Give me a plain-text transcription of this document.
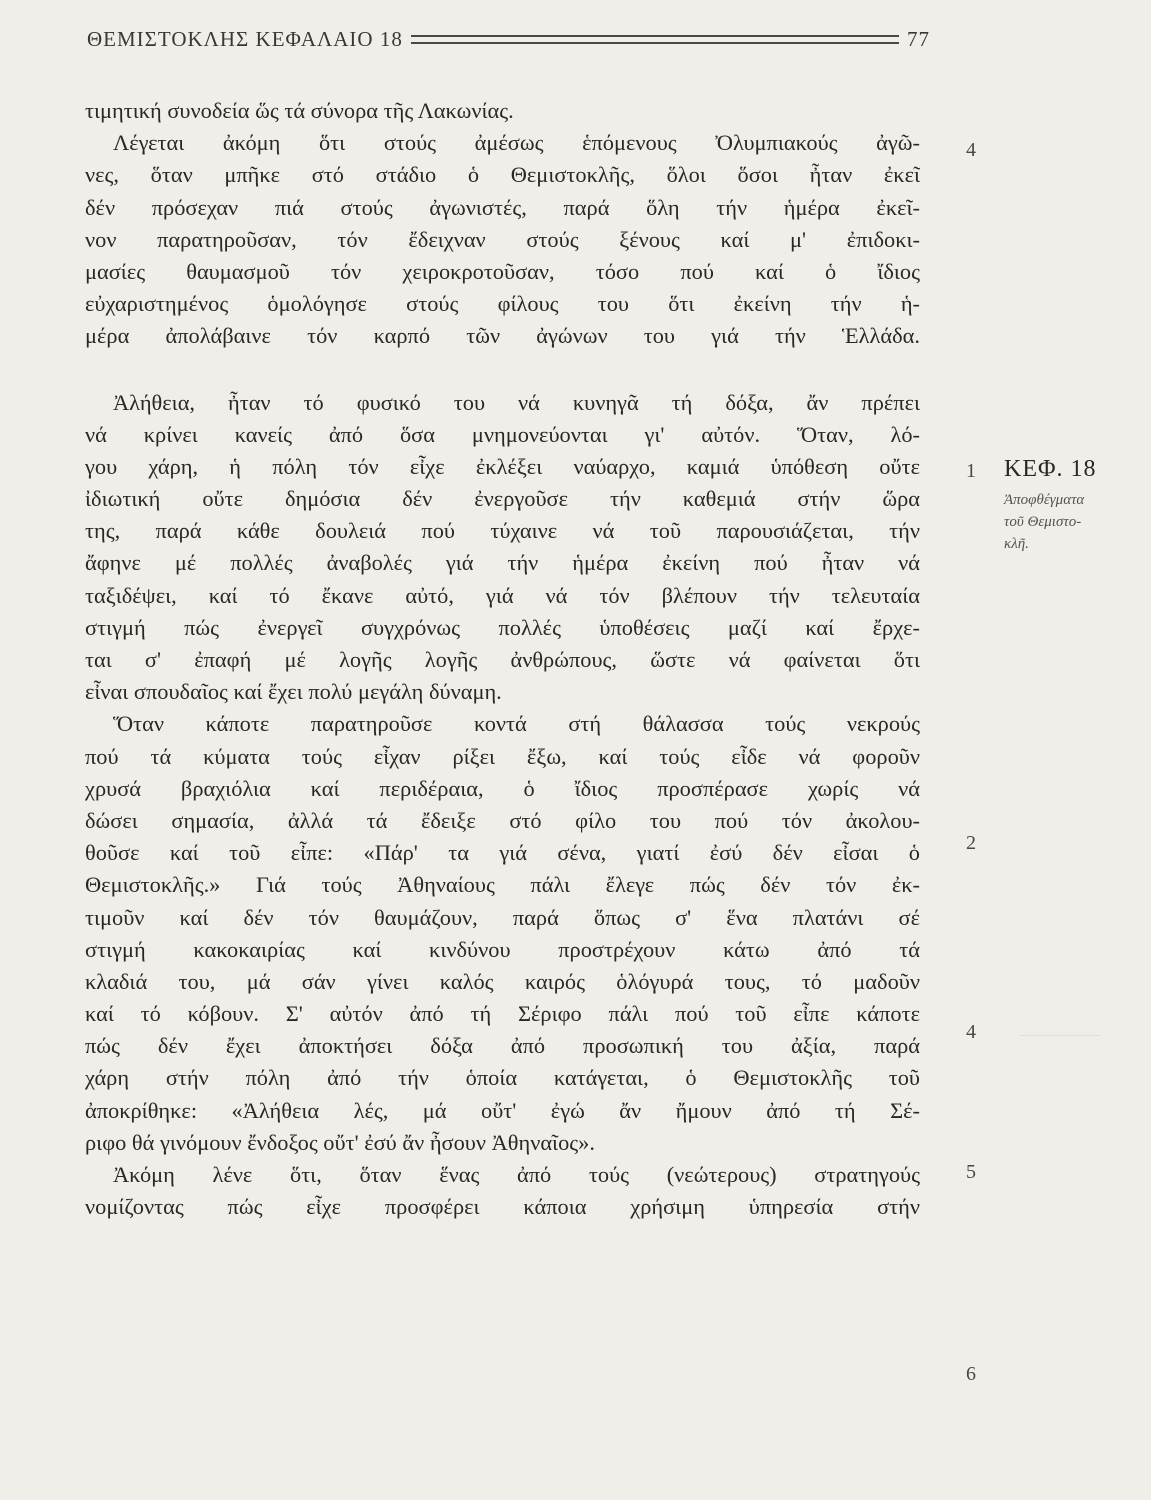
ΘΕΜΙΣΤΟΚΛΗΣ ΚΕΦΑΛΑΙΟ 18	77
τιμητική συνοδεία ὥς τά σύνορα τῆς Λακωνίας.
Λέγεται ἀκόμη ὅτι στούς ἀμέσως ἑπόμενους Ὀλυμπιακούς ἀγῶ-
νες, ὅταν μπῆκε στό στάδιο ὁ Θεμιστοκλῆς, ὅλοι ὅσοι ἦταν ἐκεῖ
δέν πρόσεχαν πιά στούς ἀγωνιστές, παρά ὅλη τήν ἡμέρα ἐκεῖ-
νον παρατηροῦσαν, τόν ἔδειχναν στούς ξένους καί μ' ἐπιδοκι-
μασίες θαυμασμοῦ τόν χειροκροτοῦσαν, τόσο πού καί ὁ ἴδιος
εὐχαριστημένος ὁμολόγησε στούς φίλους του ὅτι ἐκείνη τήν ἡ-
μέρα ἀπολάβαινε τόν καρπό τῶν ἀγώνων του γιά τήν Ἑλλάδα.
Ἀλήθεια, ἦταν τό φυσικό του νά κυνηγᾶ τή δόξα, ἄν πρέπει
νά κρίνει κανείς ἀπό ὅσα μνημονεύονται γι' αὐτόν. Ὅταν, λό-
γου χάρη, ἡ πόλη τόν εἶχε ἐκλέξει ναύαρχο, καμιά ὑπόθεση οὔτε
ἰδιωτική οὔτε δημόσια δέν ἐνεργοῦσε τήν καθεμιά στήν ὥρα
της, παρά κάθε δουλειά πού τύχαινε νά τοῦ παρουσιάζεται, τήν
ἄφηνε μέ πολλές ἀναβολές γιά τήν ἡμέρα ἐκείνη πού ἦταν νά
ταξιδέψει, καί τό ἔκανε αὐτό, γιά νά τόν βλέπουν τήν τελευταία
στιγμή πώς ἐνεργεῖ συγχρόνως πολλές ὑποθέσεις μαζί καί ἔρχε-
ται σ' ἐπαφή μέ λογῆς λογῆς ἀνθρώπους, ὥστε νά φαίνεται ὅτι
εἶναι σπουδαῖος καί ἔχει πολύ μεγάλη δύναμη.
Ὅταν κάποτε παρατηροῦσε κοντά στή θάλασσα τούς νεκρούς
πού τά κύματα τούς εἶχαν ρίξει ἔξω, καί τούς εἶδε νά φοροῦν
χρυσά βραχιόλια καί περιδέραια, ὁ ἴδιος προσπέρασε χωρίς νά
δώσει σημασία, ἀλλά τά ἔδειξε στό φίλο του πού τόν ἀκολου-
θοῦσε καί τοῦ εἶπε: «Πάρ' τα γιά σένα, γιατί ἐσύ δέν εἶσαι ὁ
Θεμιστοκλῆς.» Γιά τούς Ἀθηναίους πάλι ἔλεγε πώς δέν τόν ἐκ-
τιμοῦν καί δέν τόν θαυμάζουν, παρά ὅπως σ' ἕνα πλατάνι σέ
στιγμή κακοκαιρίας καί κινδύνου προστρέχουν κάτω ἀπό τά
κλαδιά του, μά σάν γίνει καλός καιρός ὁλόγυρά τους, τό μαδοῦν
καί τό κόβουν. Σ' αὐτόν ἀπό τή Σέριφο πάλι πού τοῦ εἶπε κάποτε
πώς δέν ἔχει ἀποκτήσει δόξα ἀπό προσωπική του ἀξία, παρά
χάρη στήν πόλη ἀπό τήν ὁποία κατάγεται, ὁ Θεμιστοκλῆς τοῦ
ἀποκρίθηκε: «Ἀλήθεια λές, μά οὔτ' ἐγώ ἄν ἤμουν ἀπό τή Σέ-
ριφο θά γινόμουν ἔνδοξος οὔτ' ἐσύ ἄν ἦσουν Ἀθηναῖος».
Ἀκόμη λένε ὅτι, ὅταν ἕνας ἀπό τούς (νεώτερους) στρατηγούς
νομίζοντας πώς εἶχε προσφέρει κάποια χρήσιμη ὑπηρεσία στήν
4
1
2
4
5
6
ΚΕΦ. 18
Ἀποφθέγματα
τοῦ Θεμιστο-
κλῆ.
